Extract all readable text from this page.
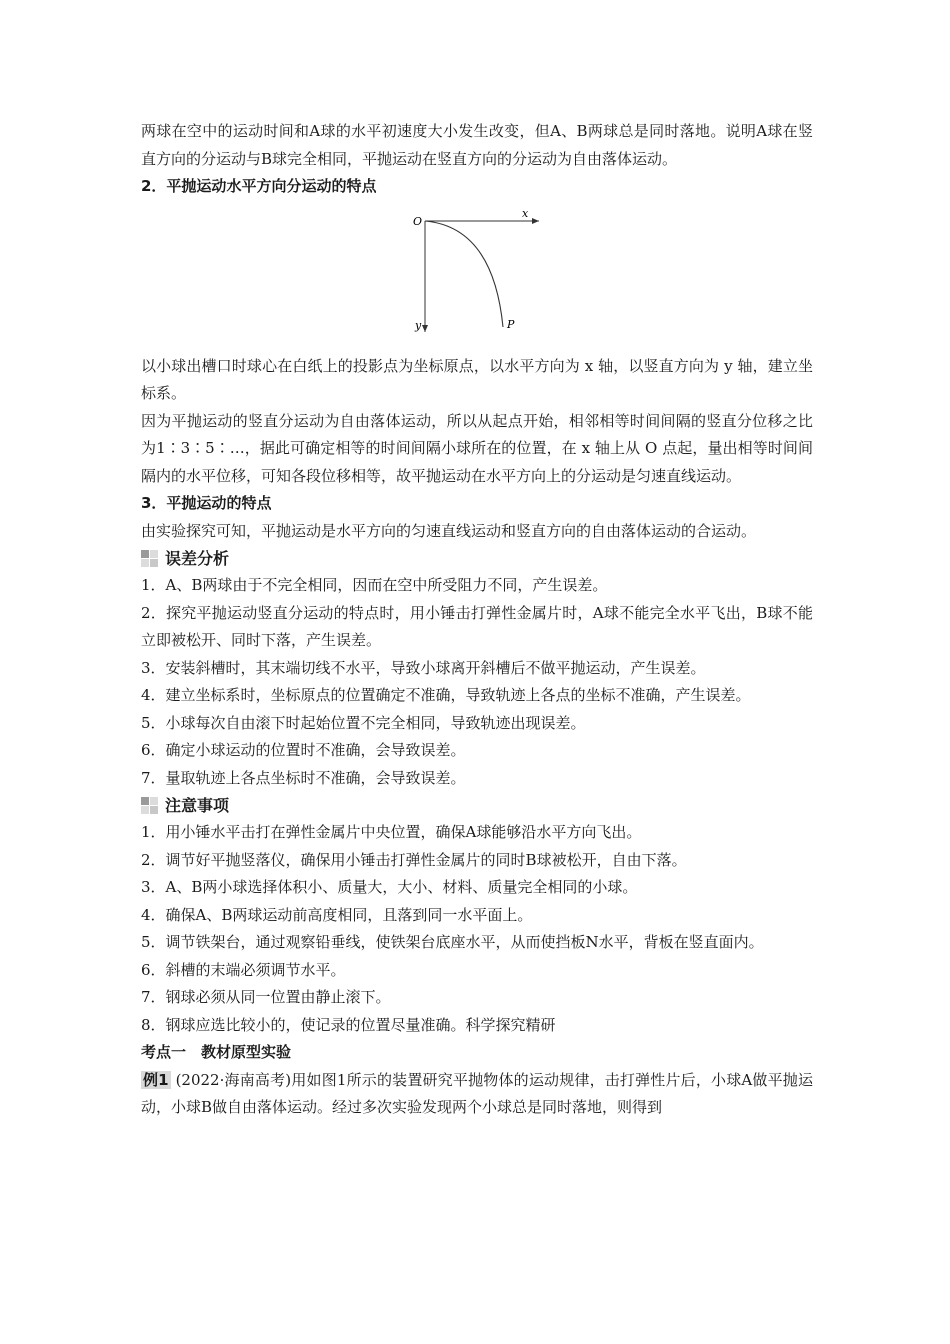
两球在空中的运动时间和A球的水平初速度大小发生改变，但A、B两球总是同时落地。说明A球在竖直方向的分运动与B球完全相同，平抛运动在竖直方向的分运动为自由落体运动。

2．平抛运动水平方向分运动的特点

O
x
y	P

以小球出槽口时球心在白纸上的投影点为坐标原点，以水平方向为 x 轴，以竖直方向为 y 轴，建立坐标系。

因为平抛运动的竖直分运动为自由落体运动，所以从起点开始，相邻相等时间间隔的竖直分位移之比为1∶3∶5∶…，据此可确定相等的时间间隔小球所在的位置，在 x 轴上从 O 点起，量出相等时间间隔内的水平位移，可知各段位移相等，故平抛运动在水平方向上的分运动是匀速直线运动。

3．平抛运动的特点

由实验探究可知，平抛运动是水平方向的匀速直线运动和竖直方向的自由落体运动的合运动。

误差分析

1．A、B两球由于不完全相同，因而在空中所受阻力不同，产生误差。

2．探究平抛运动竖直分运动的特点时，用小锤击打弹性金属片时，A球不能完全水平飞出，B球不能立即被松开、同时下落，产生误差。

3．安装斜槽时，其末端切线不水平，导致小球离开斜槽后不做平抛运动，产生误差。

4．建立坐标系时，坐标原点的位置确定不准确，导致轨迹上各点的坐标不准确，产生误差。

5．小球每次自由滚下时起始位置不完全相同，导致轨迹出现误差。

6．确定小球运动的位置时不准确，会导致误差。

7．量取轨迹上各点坐标时不准确，会导致误差。

注意事项

1．用小锤水平击打在弹性金属片中央位置，确保A球能够沿水平方向飞出。

2．调节好平抛竖落仪，确保用小锤击打弹性金属片的同时B球被松开，自由下落。

3．A、B两小球选择体积小、质量大，大小、材料、质量完全相同的小球。

4．确保A、B两球运动前高度相同，且落到同一水平面上。

5．调节铁架台，通过观察铅垂线，使铁架台底座水平，从而使挡板N水平，背板在竖直面内。

6．斜槽的末端必须调节水平。

7．钢球必须从同一位置由静止滚下。

8．钢球应选比较小的，使记录的位置尽量准确。科学探究精研

考点一　教材原型实验

例1 (2022·海南高考)用如图1所示的装置研究平抛物体的运动规律，击打弹性片后，小球A做平抛运动，小球B做自由落体运动。经过多次实验发现两个小球总是同时落地，则得到
